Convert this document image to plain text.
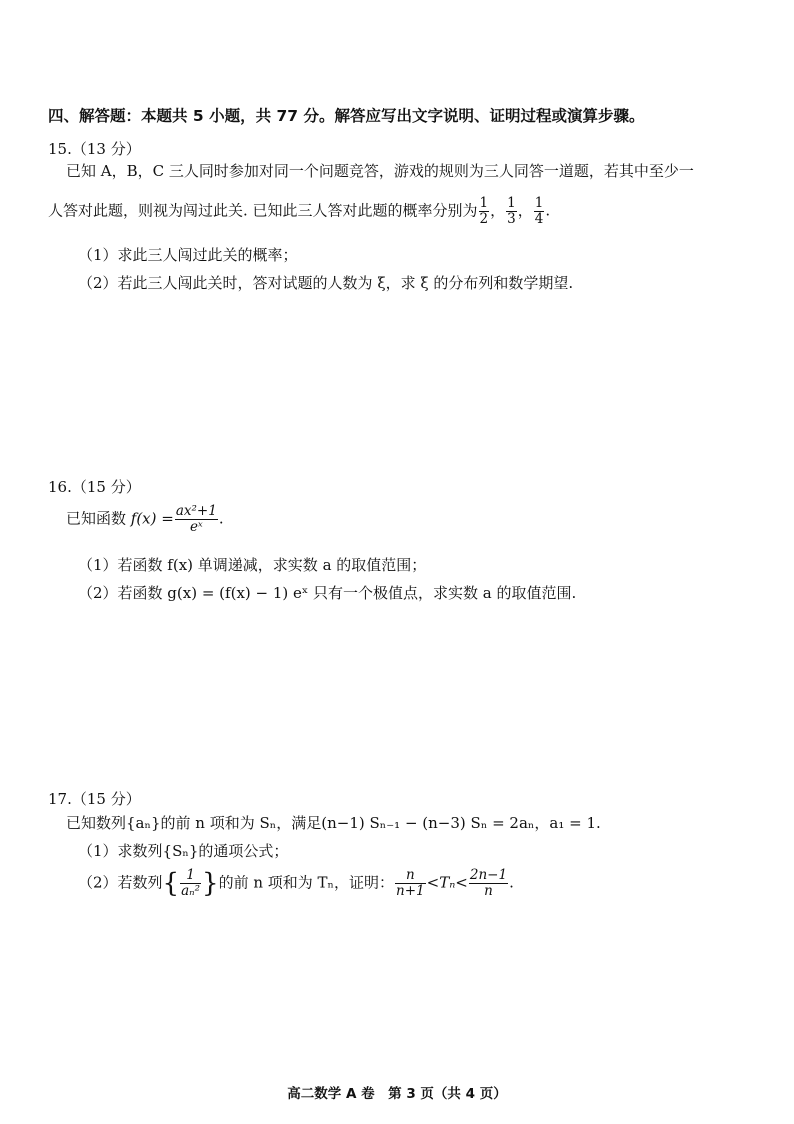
四、解答题：本题共 5 小题，共 77 分。解答应写出文字说明、证明过程或演算步骤。
15.（13 分）
已知 A，B，C 三人同时参加对同一个问题竞答，游戏的规则为三人同答一道题，若其中至少一
人答对此题，则视为闯过此关. 已知此三人答对此题的概率分别为 $\frac{1}{2}$ ， $\frac{1}{3}$ ， $\frac{1}{4}$ .
（1）求此三人闯过此关的概率；
（2）若此三人闯此关时，答对试题的人数为 ξ，求 ξ 的分布列和数学期望.
16.（15 分）
已知函数 $f(x) = \frac{\text{ax²+1}}{\text{eˣ}}$ .
（1）若函数 f(x) 单调递减，求实数 a 的取值范围；
（2）若函数 g(x) = (f(x) − 1) eˣ 只有一个极值点，求实数 a 的取值范围.
17.（15 分）
已知数列{aₙ}的前 n 项和为 Sₙ，满足(n−1) Sₙ₋₁ − (n−3) Sₙ = 2aₙ，a₁ = 1.
（1）求数列{Sₙ}的通项公式；
（2）若数列{ $\frac{1}{\text{aₙ²}}$ }的前 n 项和为 Tₙ，证明： $\frac{n}{n+1} <T_n< \frac{2n-1}{n}$ .
高二数学 A 卷　第 3 页（共 4 页）
